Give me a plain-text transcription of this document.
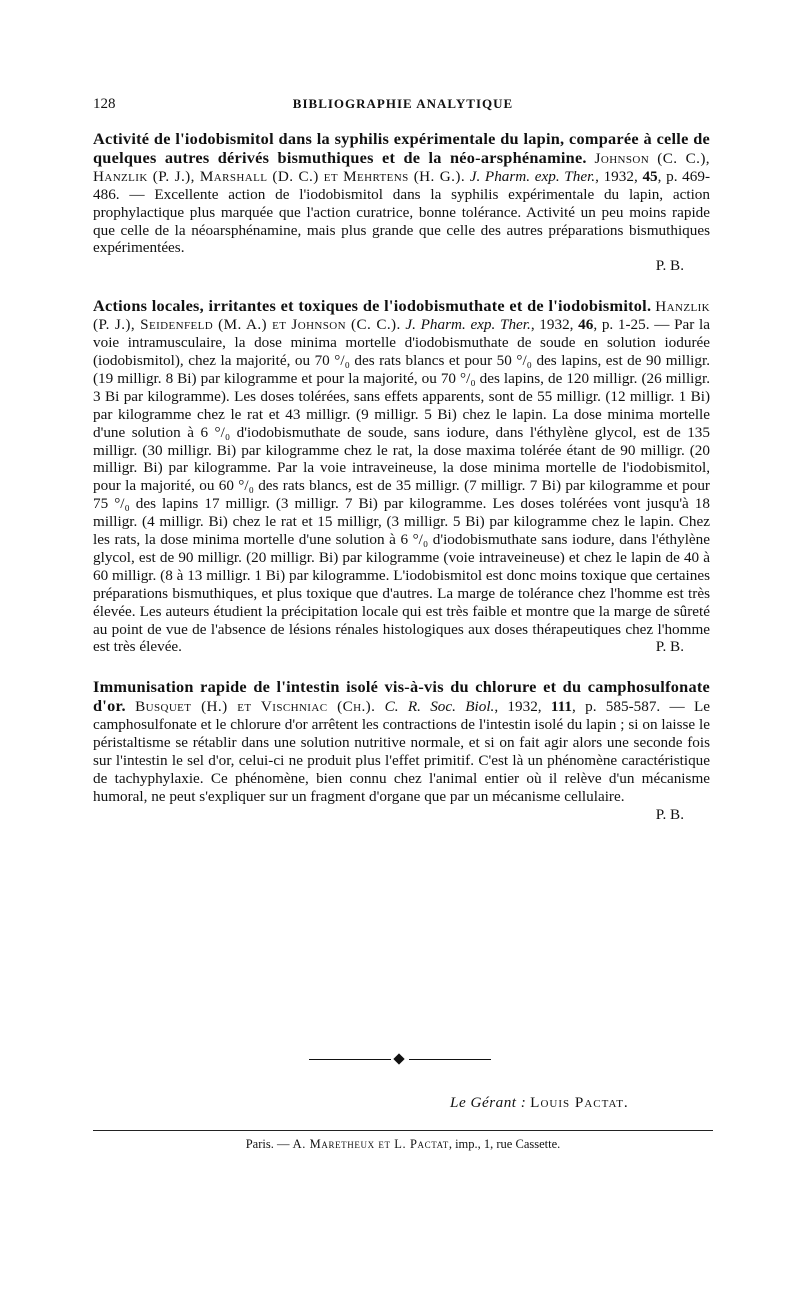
128	BIBLIOGRAPHIE ANALYTIQUE
Activité de l'iodobismitol dans la syphilis expérimentale du lapin, comparée à celle de quelques autres dérivés bismuthiques et de la néo-arsphénamine. Johnson (C. C.), Hanzlik (P. J.), Marshall (D. C.) et Mehrtens (H. G.). J. Pharm. exp. Ther., 1932, 45, p. 469-486. — Excellente action de l'iodobismitol dans la syphilis expérimentale du lapin, action prophylactique plus marquée que l'action curatrice, bonne tolérance. Activité un peu moins rapide que celle de la néoarsphénamine, mais plus grande que celle des autres préparations bismuthiques expérimentées.
P. B.
Actions locales, irritantes et toxiques de l'iodobismuthate et de l'iodobismitol. Hanzlik (P. J.), Seidenfeld (M. A.) et Johnson (C. C.). J. Pharm. exp. Ther., 1932, 46, p. 1-25. — Par la voie intramusculaire, la dose minima mortelle d'iodobismuthate de soude en solution iodurée (iodobismitol), chez la majorité, ou 70 °/₀ des rats blancs et pour 50 °/₀ des lapins, est de 90 milligr. (19 milligr. 8 Bi) par kilogramme et pour la majorité, ou 70 °/₀ des lapins, de 120 milligr. (26 milligr. 3 Bi par kilogramme). Les doses tolérées, sans effets apparents, sont de 55 milligr. (12 milligr. 1 Bi) par kilogramme chez le rat et 43 milligr. (9 milligr. 5 Bi) chez le lapin. La dose minima mortelle d'une solution à 6 °/₀ d'iodobismuthate de soude, sans iodure, dans l'éthylène glycol, est de 135 milligr. (30 milligr. Bi) par kilogramme chez le rat, la dose maxima tolérée étant de 90 milligr. (20 milligr. Bi) par kilogramme. Par la voie intraveineuse, la dose minima mortelle de l'iodobismitol, pour la majorité, ou 60 °/₀ des rats blancs, est de 35 milligr. (7 milligr. 7 Bi) par kilogramme et pour 75 °/₀ des lapins 17 milligr. (3 milligr. 7 Bi) par kilogramme. Les doses tolérées vont jusqu'à 18 milligr. (4 milligr. Bi) chez le rat et 15 milligr, (3 milligr. 5 Bi) par kilogramme chez le lapin. Chez les rats, la dose minima mortelle d'une solution à 6 °/₀ d'iodobismuthate sans iodure, dans l'éthylène glycol, est de 90 milligr. (20 milligr. Bi) par kilogramme (voie intraveineuse) et chez le lapin de 40 à 60 milligr. (8 à 13 milligr. 1 Bi) par kilogramme. L'iodobismitol est donc moins toxique que certaines préparations bismuthiques, et plus toxique que d'autres. La marge de tolérance chez l'homme est très élevée. Les auteurs étudient la précipitation locale qui est très faible et montre que la marge de sûreté au point de vue de l'absence de lésions rénales histologiques aux doses thérapeutiques chez l'homme est très élevée.	P. B.
Immunisation rapide de l'intestin isolé vis-à-vis du chlorure et du camphosulfonate d'or. Busquet (H.) et Vischniac (Ch.). C. R. Soc. Biol., 1932, 111, p. 585-587. — Le camphosulfonate et le chlorure d'or arrêtent les contractions de l'intestin isolé du lapin ; si on laisse le péristaltisme se rétablir dans une solution nutritive normale, et si on fait agir alors une seconde fois sur l'intestin le sel d'or, celui-ci ne produit plus l'effet primitif. C'est là un phénomène caractéristique de tachyphylaxie. Ce phénomène, bien connu chez l'animal entier où il relève d'un mécanisme humoral, ne peut s'expliquer sur un fragment d'organe que par un mécanisme cellulaire.
P. B.
Le Gérant : Louis Pactat.
Paris. — A. Maretheux et L. Pactat, imp., 1, rue Cassette.
